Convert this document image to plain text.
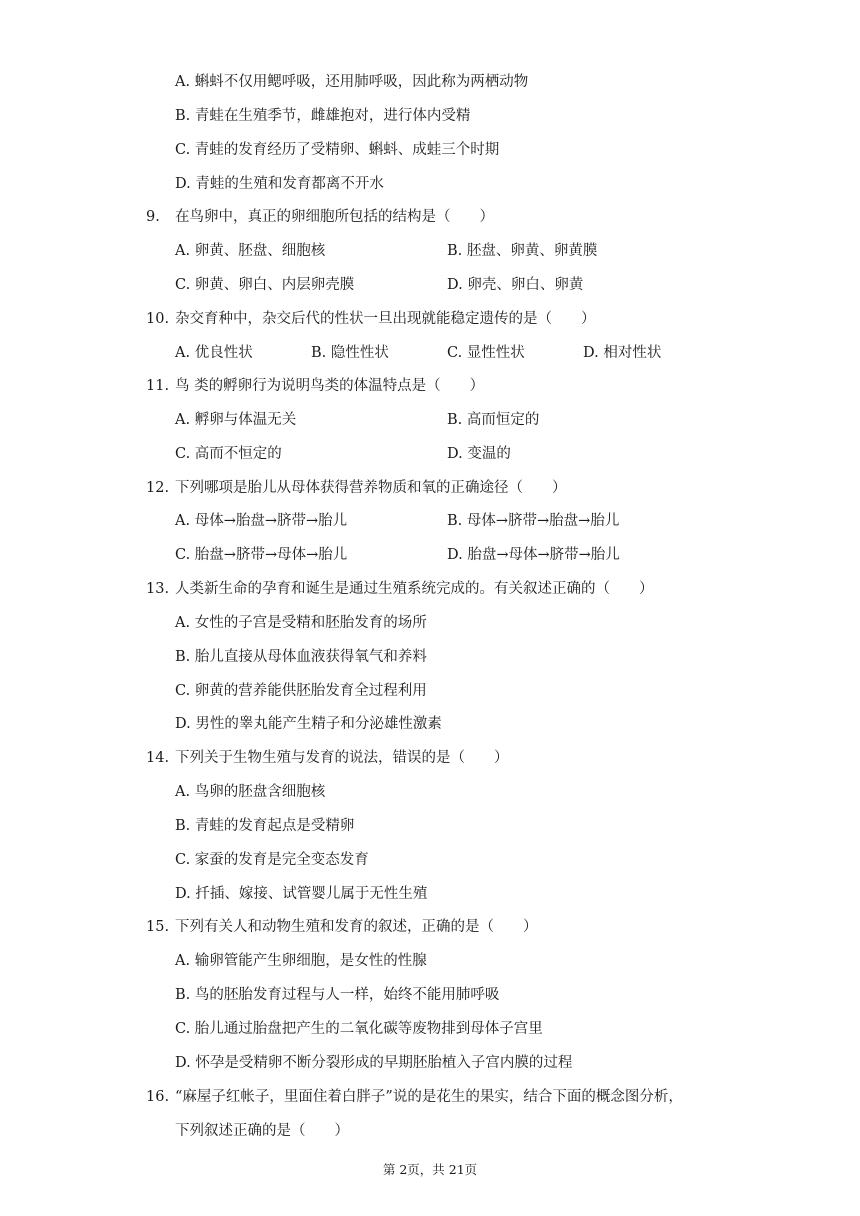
A. 蝌蚪不仅用鳃呼吸，还用肺呼吸，因此称为两栖动物
B. 青蛙在生殖季节，雌雄抱对，进行体内受精
C. 青蛙的发育经历了受精卵、蝌蚪、成蛙三个时期
D. 青蛙的生殖和发育都离不开水
9. 在鸟卵中，真正的卵细胞所包括的结构是（　　）
A. 卵黄、胚盘、细胞核	B. 胚盘、卵黄、卵黄膜
C. 卵黄、卵白、内层卵壳膜	D. 卵壳、卵白、卵黄
10. 杂交育种中，杂交后代的性状一旦出现就能稳定遗传的是（　　）
A. 优良性状	B. 隐性性状	C. 显性性状	D. 相对性状
11. 鸟 类的孵卵行为说明鸟类的体温特点是（　　）
A. 孵卵与体温无关	B. 高而恒定的
C. 高而不恒定的	D. 变温的
12. 下列哪项是胎儿从母体获得营养物质和氧的正确途径（　　）
A. 母体→胎盘→脐带→胎儿	B. 母体→脐带→胎盘→胎儿
C. 胎盘→脐带→母体→胎儿	D. 胎盘→母体→脐带→胎儿
13. 人类新生命的孕育和诞生是通过生殖系统完成的。有关叙述正确的（　　）
A. 女性的子宫是受精和胚胎发育的场所
B. 胎儿直接从母体血液获得氧气和养料
C. 卵黄的营养能供胚胎发育全过程利用
D. 男性的睾丸能产生精子和分泌雄性激素
14. 下列关于生物生殖与发育的说法，错误的是（　　）
A. 鸟卵的胚盘含细胞核
B. 青蛙的发育起点是受精卵
C. 家蚕的发育是完全变态发育
D. 扦插、嫁接、试管婴儿属于无性生殖
15. 下列有关人和动物生殖和发育的叙述，正确的是（　　）
A. 输卵管能产生卵细胞，是女性的性腺
B. 鸟的胚胎发育过程与人一样，始终不能用肺呼吸
C. 胎儿通过胎盘把产生的二氧化碳等废物排到母体子宫里
D. 怀孕是受精卵不断分裂形成的早期胚胎植入子宫内膜的过程
16. “麻屋子红帐子，里面住着白胖子”说的是花生的果实，结合下面的概念图分析，
下列叙述正确的是（　　）
第 2页，共 21页
